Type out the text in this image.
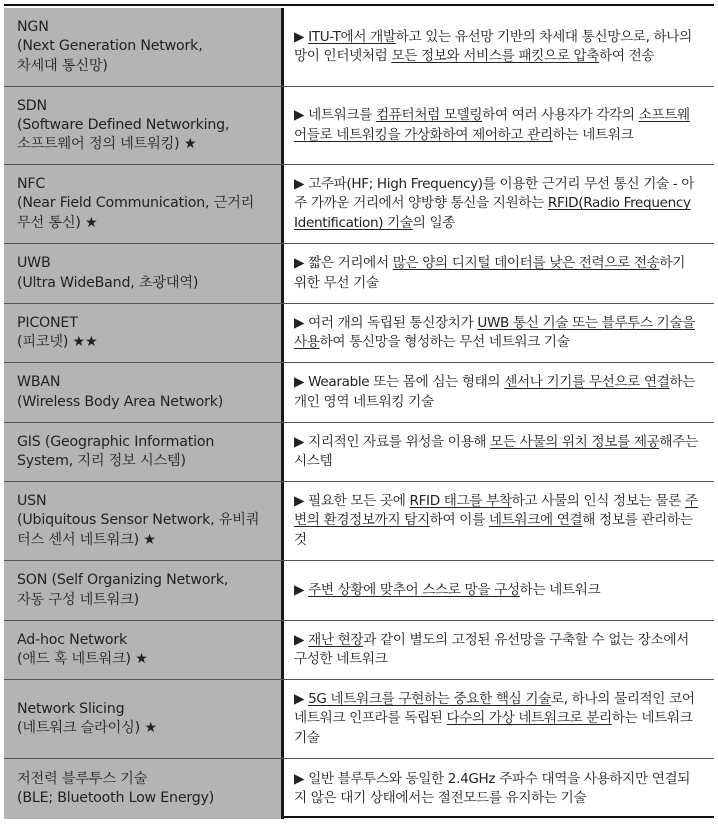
NGN
(Next Generation Network,
차세대 통신망)

▶ ITU-T에서 개발하고 있는 유선망 기반의 차세대 통신망으로, 하나의 망이 인터넷처럼 모든 정보와 서비스를 패킷으로 압축하여 전송

SDN
(Software Defined Networking,
소프트웨어 정의 네트워킹) ★

▶ 네트워크를 컴퓨터처럼 모델링하여 여러 사용자가 각각의 소프트웨어들로 네트워킹을 가상화하여 제어하고 관리하는 네트워크

NFC
(Near Field Communication, 근거리 무선 통신) ★

▶ 고주파(HF; High Frequency)를 이용한 근거리 무선 통신 기술 - 아주 가까운 거리에서 양방향 통신을 지원하는 RFID(Radio Frequency Identification) 기술의 일종

UWB
(Ultra WideBand, 초광대역)

▶ 짧은 거리에서 많은 양의 디지털 데이터를 낮은 전력으로 전송하기 위한 무선 기술

PICONET
(피코넷) ★★

▶ 여러 개의 독립된 통신장치가 UWB 통신 기술 또는 블루투스 기술을 사용하여 통신망을 형성하는 무선 네트워크 기술

WBAN
(Wireless Body Area Network)

▶ Wearable 또는 몸에 심는 형태의 센서나 기기를 무선으로 연결하는 개인 영역 네트워킹 기술

GIS (Geographic Information
System, 지리 정보 시스템)

▶ 지리적인 자료를 위성을 이용해 모든 사물의 위치 정보를 제공해주는 시스템

USN
(Ubiquitous Sensor Network, 유비쿼터스 센서 네트워크) ★

▶ 필요한 모든 곳에 RFID 태그를 부착하고 사물의 인식 정보는 물론 주변의 환경정보까지 탐지하여 이를 네트워크에 연결해 정보를 관리하는 것

SON (Self Organizing Network,
자동 구성 네트워크)

▶ 주변 상황에 맞추어 스스로 망을 구성하는 네트워크

Ad-hoc Network
(애드 혹 네트워크) ★

▶ 재난 현장과 같이 별도의 고정된 유선망을 구축할 수 없는 장소에서 구성한 네트워크

Network Slicing
(네트워크 슬라이싱) ★

▶ 5G 네트워크를 구현하는 중요한 핵심 기술로, 하나의 물리적인 코어 네트워크 인프라를 독립된 다수의 가상 네트워크로 분리하는 네트워크 기술

저전력 블루투스 기술
(BLE; Bluetooth Low Energy)

▶ 일반 블루투스와 동일한 2.4GHz 주파수 대역을 사용하지만 연결되지 않은 대기 상태에서는 절전모드를 유지하는 기술
